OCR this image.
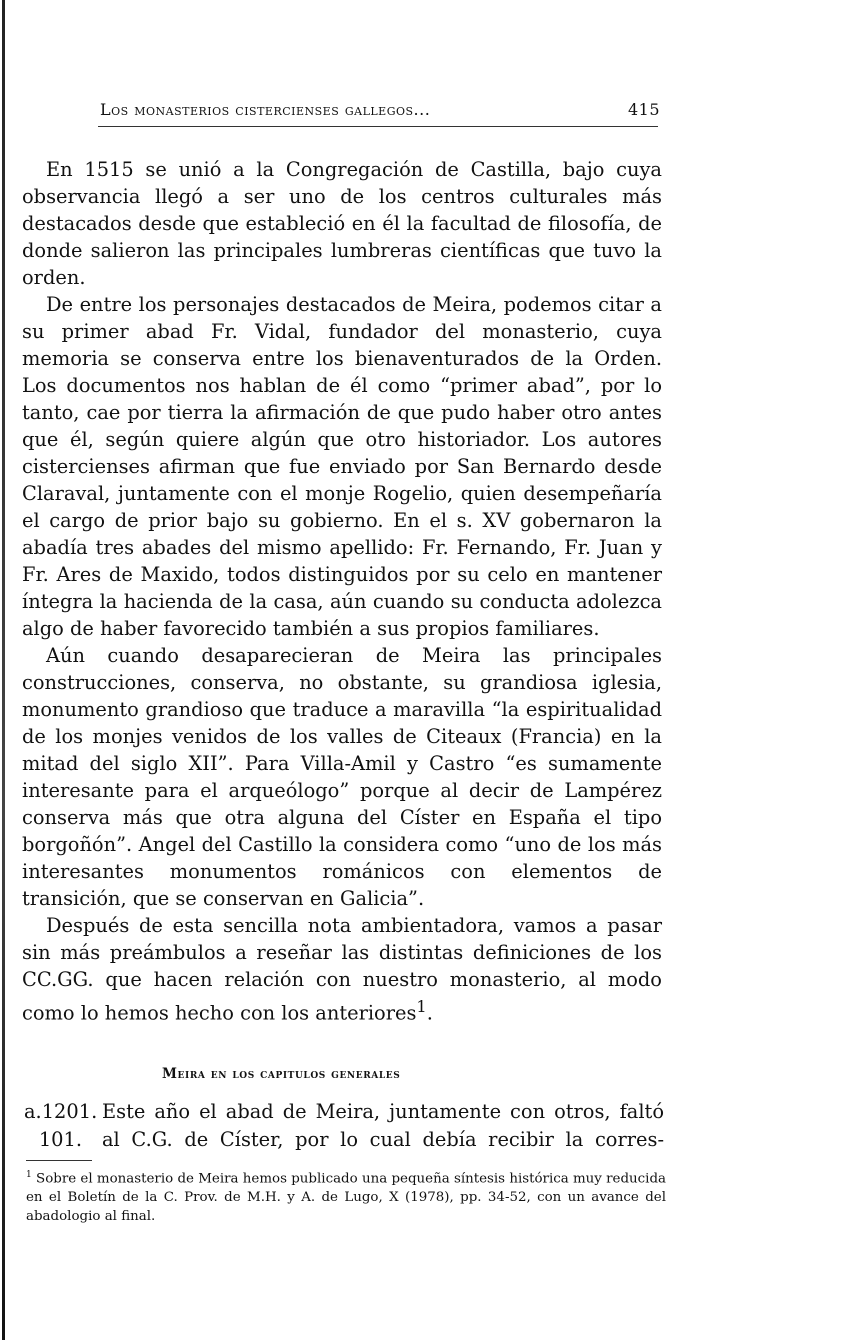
Los monasterios cistercienses gallegos...	415

En 1515 se unió a la Congregación de Castilla, bajo cuya observancia llegó a ser uno de los centros culturales más destacados desde que estableció en él la facultad de filosofía, de donde salieron las principales lumbreras científicas que tuvo la orden.

De entre los personajes destacados de Meira, podemos citar a su primer abad Fr. Vidal, fundador del monasterio, cuya memoria se conserva entre los bienaventurados de la Orden. Los documentos nos hablan de él como “primer abad”, por lo tanto, cae por tierra la afirmación de que pudo haber otro antes que él, según quiere algún que otro historiador. Los autores cistercienses afirman que fue enviado por San Bernardo desde Claraval, juntamente con el monje Rogelio, quien desempeñaría el cargo de prior bajo su gobierno. En el s. XV gobernaron la abadía tres abades del mismo apellido: Fr. Fernando, Fr. Juan y Fr. Ares de Maxido, todos distinguidos por su celo en mantener íntegra la hacienda de la casa, aún cuando su conducta adolezca algo de haber favorecido también a sus propios familiares.

Aún cuando desaparecieran de Meira las principales construcciones, conserva, no obstante, su grandiosa iglesia, monumento grandioso que traduce a maravilla “la espiritualidad de los monjes venidos de los valles de Citeaux (Francia) en la mitad del siglo XII”. Para Villa-Amil y Castro “es sumamente interesante para el arqueólogo” porque al decir de Lampérez conserva más que otra alguna del Císter en España el tipo borgoñón”. Angel del Castillo la considera como “uno de los más interesantes monumentos románicos con elementos de transición, que se conservan en Galicia”.

Después de esta sencilla nota ambientadora, vamos a pasar sin más preámbulos a reseñar las distintas definiciones de los CC.GG. que hacen relación con nuestro monasterio, al modo como lo hemos hecho con los anteriores$^1$.

Meira en los capitulos generales
a.1201. Este año el abad de Meira, juntamente con otros, faltó
101.	al C.G. de Císter, por lo cual debía recibir la corres-
$^1$ Sobre el monasterio de Meira hemos publicado una pequeña síntesis histórica muy reducida en el Boletín de la C. Prov. de M.H. y A. de Lugo, X (1978), pp. 34-52, con un avance del abadologio al final.
